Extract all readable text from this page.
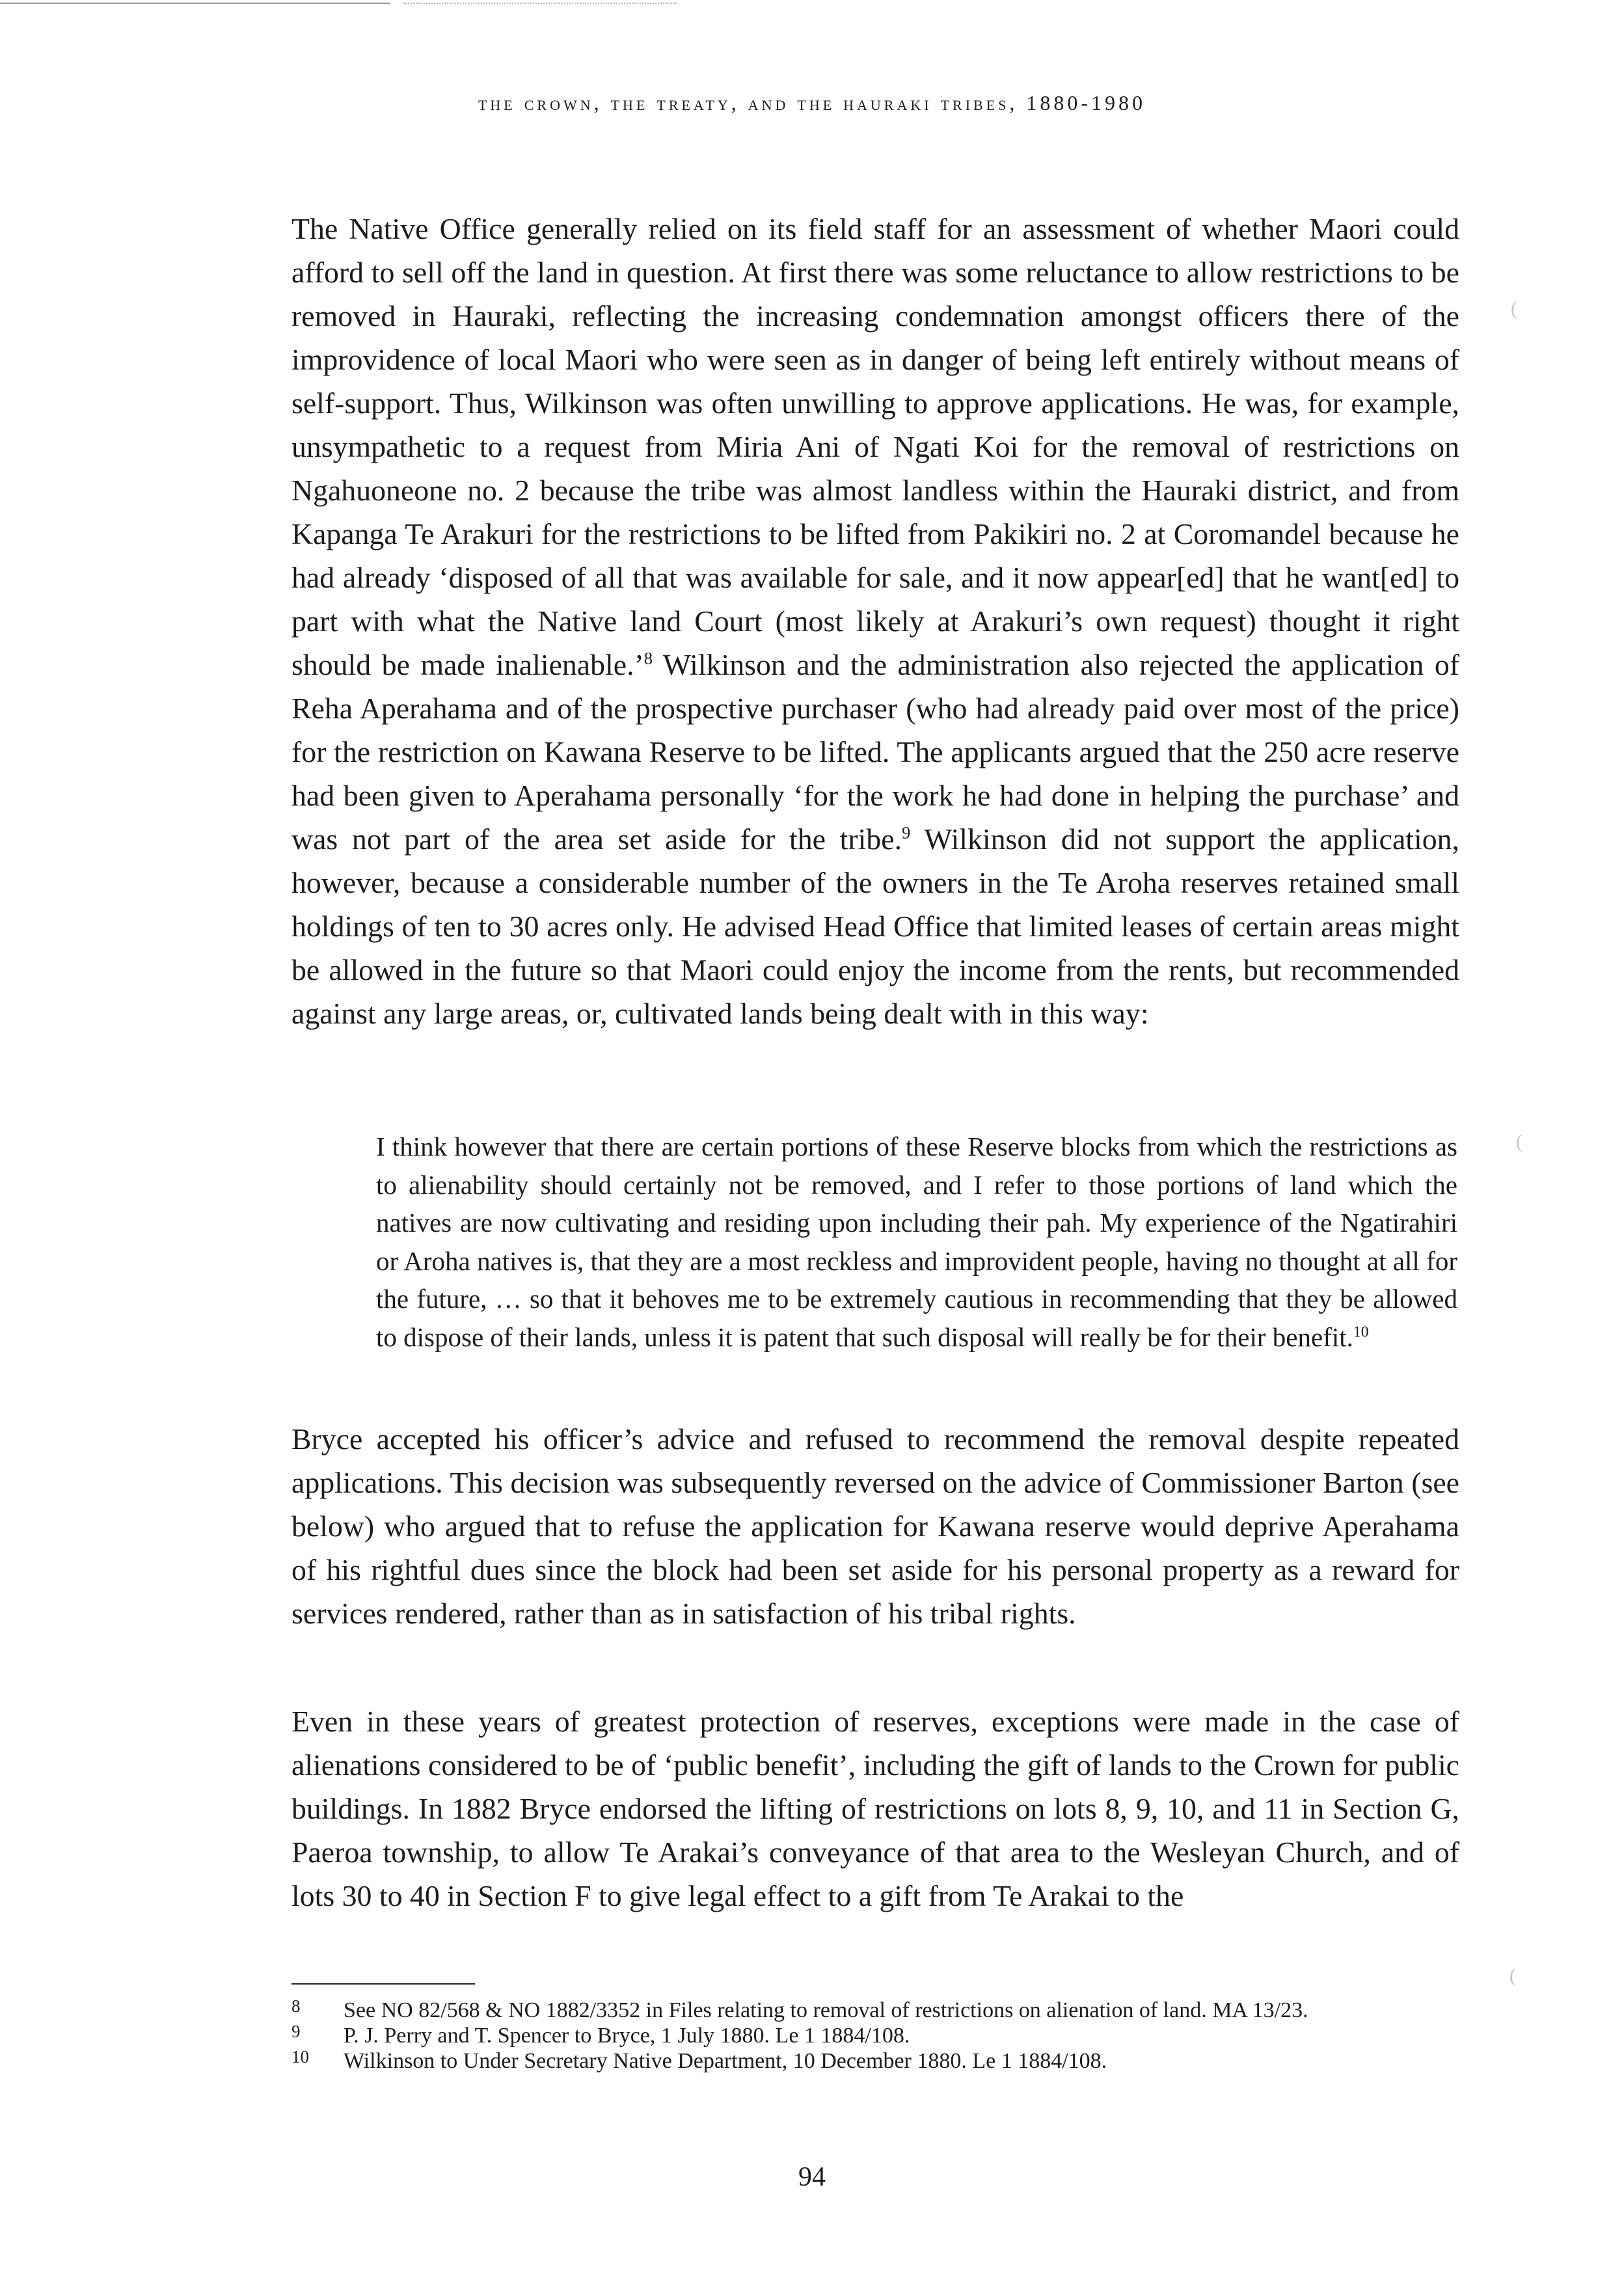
the crown, the treaty, and the hauraki tribes, 1880-1980

The Native Office generally relied on its field staff for an assessment of whether Maori could afford to sell off the land in question. At first there was some reluctance to allow restrictions to be removed in Hauraki, reflecting the increasing condemnation amongst officers there of the improvidence of local Maori who were seen as in danger of being left entirely without means of self-support. Thus, Wilkinson was often unwilling to approve applications. He was, for example, unsympathetic to a request from Miria Ani of Ngati Koi for the removal of restrictions on Ngahuoneone no. 2 because the tribe was almost landless within the Hauraki district, and from Kapanga Te Arakuri for the restrictions to be lifted from Pakikiri no. 2 at Coromandel because he had already ‘disposed of all that was available for sale, and it now appear[ed] that he want[ed] to part with what the Native land Court (most likely at Arakuri’s own request) thought it right should be made inalienable.’$^8$ Wilkinson and the administration also rejected the application of Reha Aperahama and of the prospective purchaser (who had already paid over most of the price) for the restriction on Kawana Reserve to be lifted. The applicants argued that the 250 acre reserve had been given to Aperahama personally ‘for the work he had done in helping the purchase’ and was not part of the area set aside for the tribe.$^9$ Wilkinson did not support the application, however, because a considerable number of the owners in the Te Aroha reserves retained small holdings of ten to 30 acres only. He advised Head Office that limited leases of certain areas might be allowed in the future so that Maori could enjoy the income from the rents, but recommended against any large areas, or, cultivated lands being dealt with in this way:

I think however that there are certain portions of these Reserve blocks from which the restrictions as to alienability should certainly not be removed, and I refer to those portions of land which the natives are now cultivating and residing upon including their pah. My experience of the Ngatirahiri or Aroha natives is, that they are a most reckless and improvident people, having no thought at all for the future, … so that it behoves me to be extremely cautious in recommending that they be allowed to dispose of their lands, unless it is patent that such disposal will really be for their benefit.$^{10}$

Bryce accepted his officer’s advice and refused to recommend the removal despite repeated applications. This decision was subsequently reversed on the advice of Commissioner Barton (see below) who argued that to refuse the application for Kawana reserve would deprive Aperahama of his rightful dues since the block had been set aside for his personal property as a reward for services rendered, rather than as in satisfaction of his tribal rights.

Even in these years of greatest protection of reserves, exceptions were made in the case of alienations considered to be of ‘public benefit’, including the gift of lands to the Crown for public buildings. In 1882 Bryce endorsed the lifting of restrictions on lots 8, 9, 10, and 11 in Section G, Paeroa township, to allow Te Arakai’s conveyance of that area to the Wesleyan Church, and of lots 30 to 40 in Section F to give legal effect to a gift from Te Arakai to the

8 See NO 82/568 & NO 1882/3352 in Files relating to removal of restrictions on alienation of land. MA 13/23.
9 P. J. Perry and T. Spencer to Bryce, 1 July 1880. Le 1 1884/108.
10 Wilkinson to Under Secretary Native Department, 10 December 1880. Le 1 1884/108.
94
(
(
(
